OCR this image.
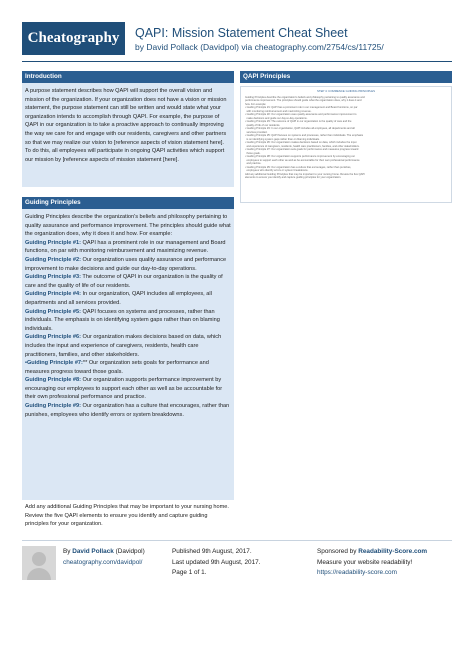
Cheatography	QAPI: Mission Statement Cheat Sheet
by David Pollack (Davidpol) via cheatography.com/2754/cs/11725/
Introduction

A purpose statement describes how QAPI will support the overall vision and mission of the organization. If your organization does not have a vision or mission statement, the purpose statement can still be written and would state what your organization intends to accomplish through QAPI. For example, the purpose of QAPI in our organization is to take a proactive approach to continually improving the way we care for and engage with our residents, caregivers and other partners so that we may realize our vision to [reference aspects of vision statement here]. To do this, all employees will participate in ongoing QAPI activities which support our mission by [reference aspects of mission statement [here].

Guiding Principles

Guiding Principles describe the organization's beliefs and philosophy pertaining to quality assurance and performance improvement. The principles should guide what the organization does, why it does it and how. For example:

Guiding Principle #1: QAPI has a prominent role in our management and Board functions, on par with monitoring reimbursement and maximizing revenue.

Guiding Principle #2: Our organization uses quality assurance and performance improvement to make decisions and guide our day-to-day operations.

Guiding Principle #3: The outcome of QAPI in our organization is the quality of care and the quality of life of our residents.

Guiding Principle #4: In our organization, QAPI includes all employees, all departments and all services provided.

Guiding Principle #5: QAPI focuses on systems and processes, rather than individuals. The emphasis is on identifying system gaps rather than on blaming individuals.

Guiding Principle #6: Our organization makes decisions based on data, which includes the input and experience of caregivers, residents, health care practitioners, families, and other stakeholders.

•Guiding Principle #7:** Our organization sets goals for performance and measures progress toward those goals.

Guiding Principle #8: Our organization supports performance improvement by encouraging our employees to support each other as well as be accountable for their own professional performance and practice.

Guiding Principle #9: Our organization has a culture that encourages, rather than punishes, employees who identify errors or system breakdowns.

Add any additional Guiding Principles that may be important to your nursing home. Review the five QAPI elements to ensure you identify and capture guiding principles for your organization.
QAPI Principles
STEP 4: COMMENCE GUIDING PRINCIPLES
Guiding Principles describe the organization's beliefs and philosophy pertaining to quality assurance and
performance improvement. The principles should guide what the organization does, why it does it and
how. For example:
• Guiding Principle #1: QAPI has a prominent role in our management and Board functions, on par
with monitoring reimbursement and maximizing revenue.
• Guiding Principle #2: Our organization uses quality assurance and performance improvement to
make decisions and guide our day-to-day operations.
• Guiding Principle #3: The outcome of QAPI in our organization is the quality of care and the
quality of life of our residents.
• Guiding Principle #4: In our organization, QAPI includes all employees, all departments and all
services provided.
• Guiding Principle #5: QAPI focuses on systems and processes, rather than individuals. The emphasis
is on identifying system gaps rather than on blaming individuals.
• Guiding Principle #6: Our organization makes decisions based on data, which includes the input
and experience of caregivers, residents, health care practitioners, families, and other stakeholders.
• Guiding Principle #7: Our organization sets goals for performance and measures progress toward
those goals.
• Guiding Principle #8: Our organization supports performance improvement by encouraging our
employees to support each other as well as be accountable for their own professional performance
and practice.
• Guiding Principle #9: Our organization has a culture that encourages, rather than punishes,
employees who identify errors or system breakdowns.
Add any additional Guiding Principles that may be important to your nursing home. Review the five QAPI
elements to ensure you identify and capture guiding principles for your organization.
By David Pollack (Davidpol)
cheatography.com/davidpol/
Published 9th August, 2017.
Last updated 9th August, 2017.
Page 1 of 1.
Sponsored by Readability-Score.com
Measure your website readability!
https://readability-score.com
